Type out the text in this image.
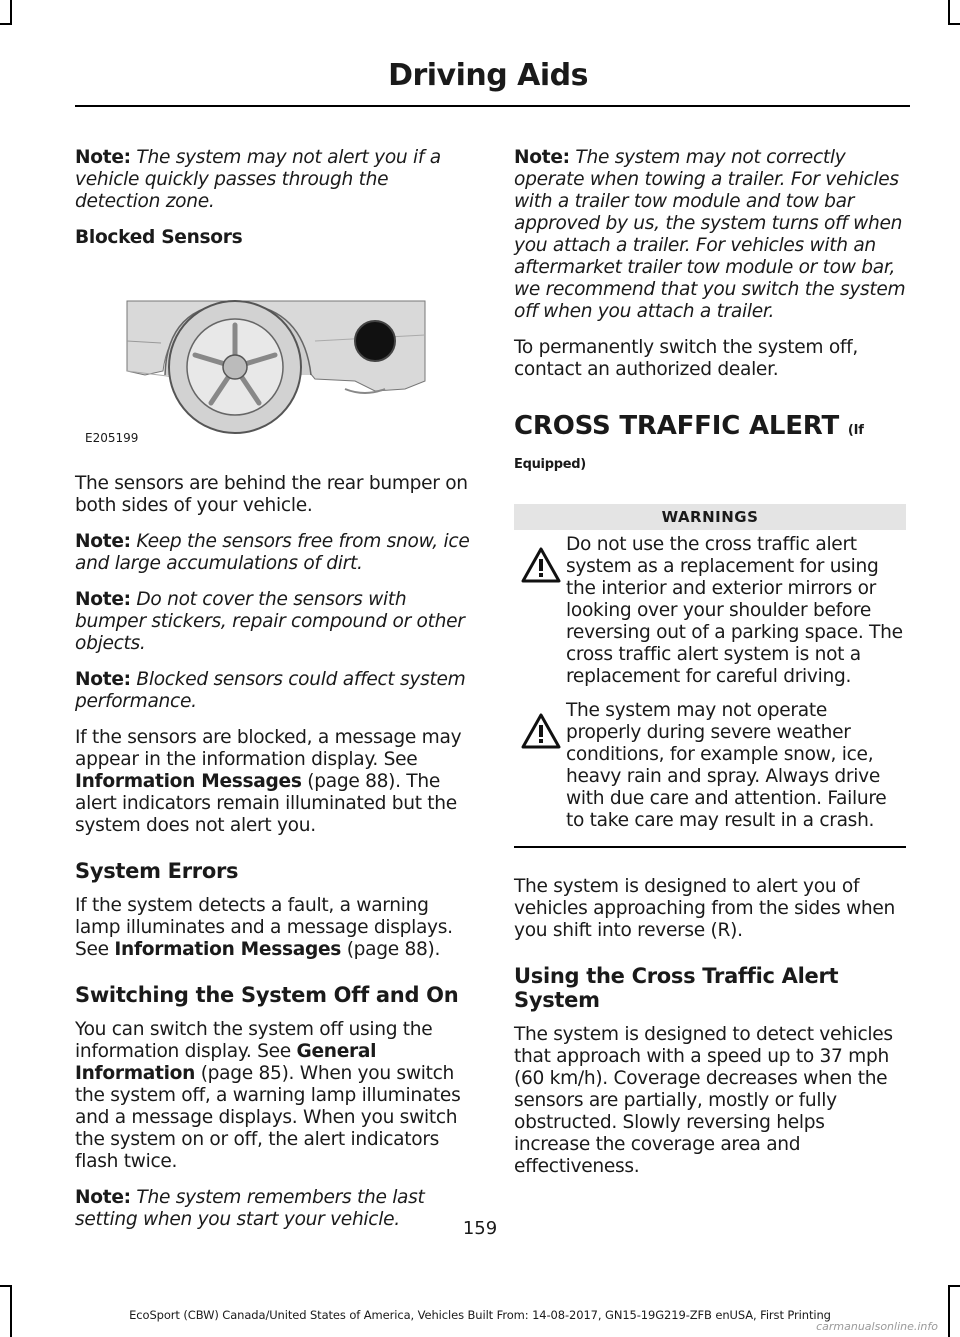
Driving Aids

Note: The system may not alert you if a vehicle quickly passes through the detection zone.

Blocked Sensors
E205199

The sensors are behind the rear bumper on both sides of your vehicle.

Note: Keep the sensors free from snow, ice and large accumulations of dirt.

Note: Do not cover the sensors with bumper stickers, repair compound or other objects.

Note: Blocked sensors could affect system performance.

If the sensors are blocked, a message may appear in the information display. See Information Messages (page 88). The alert indicators remain illuminated but the system does not alert you.

System Errors

If the system detects a fault, a warning lamp illuminates and a message displays. See Information Messages (page 88).

Switching the System Off and On

You can switch the system off using the information display. See General Information (page 85). When you switch the system off, a warning lamp illuminates and a message displays. When you switch the system on or off, the alert indicators flash twice.

Note: The system remembers the last setting when you start your vehicle.

Note: The system may not correctly operate when towing a trailer. For vehicles with a trailer tow module and tow bar approved by us, the system turns off when you attach a trailer. For vehicles with an aftermarket trailer tow module or tow bar, we recommend that you switch the system off when you attach a trailer.

To permanently switch the system off, contact an authorized dealer.

CROSS TRAFFIC ALERT (If
Equipped)
WARNINGS
Do not use the cross traffic alert system as a replacement for using the interior and exterior mirrors or looking over your shoulder before reversing out of a parking space. The cross traffic alert system is not a replacement for careful driving.
The system may not operate properly during severe weather conditions, for example snow, ice, heavy rain and spray. Always drive with due care and attention. Failure to take care may result in a crash.

The system is designed to alert you of vehicles approaching from the sides when you shift into reverse (R).

Using the Cross Traffic Alert System

The system is designed to detect vehicles that approach with a speed up to 37 mph (60 km/h). Coverage decreases when the sensors are partially, mostly or fully obstructed. Slowly reversing helps increase the coverage area and effectiveness.

159
EcoSport (CBW) Canada/United States of America, Vehicles Built From: 14-08-2017, GN15-19G219-ZFB enUSA, First Printing
carmanualsonline.info
